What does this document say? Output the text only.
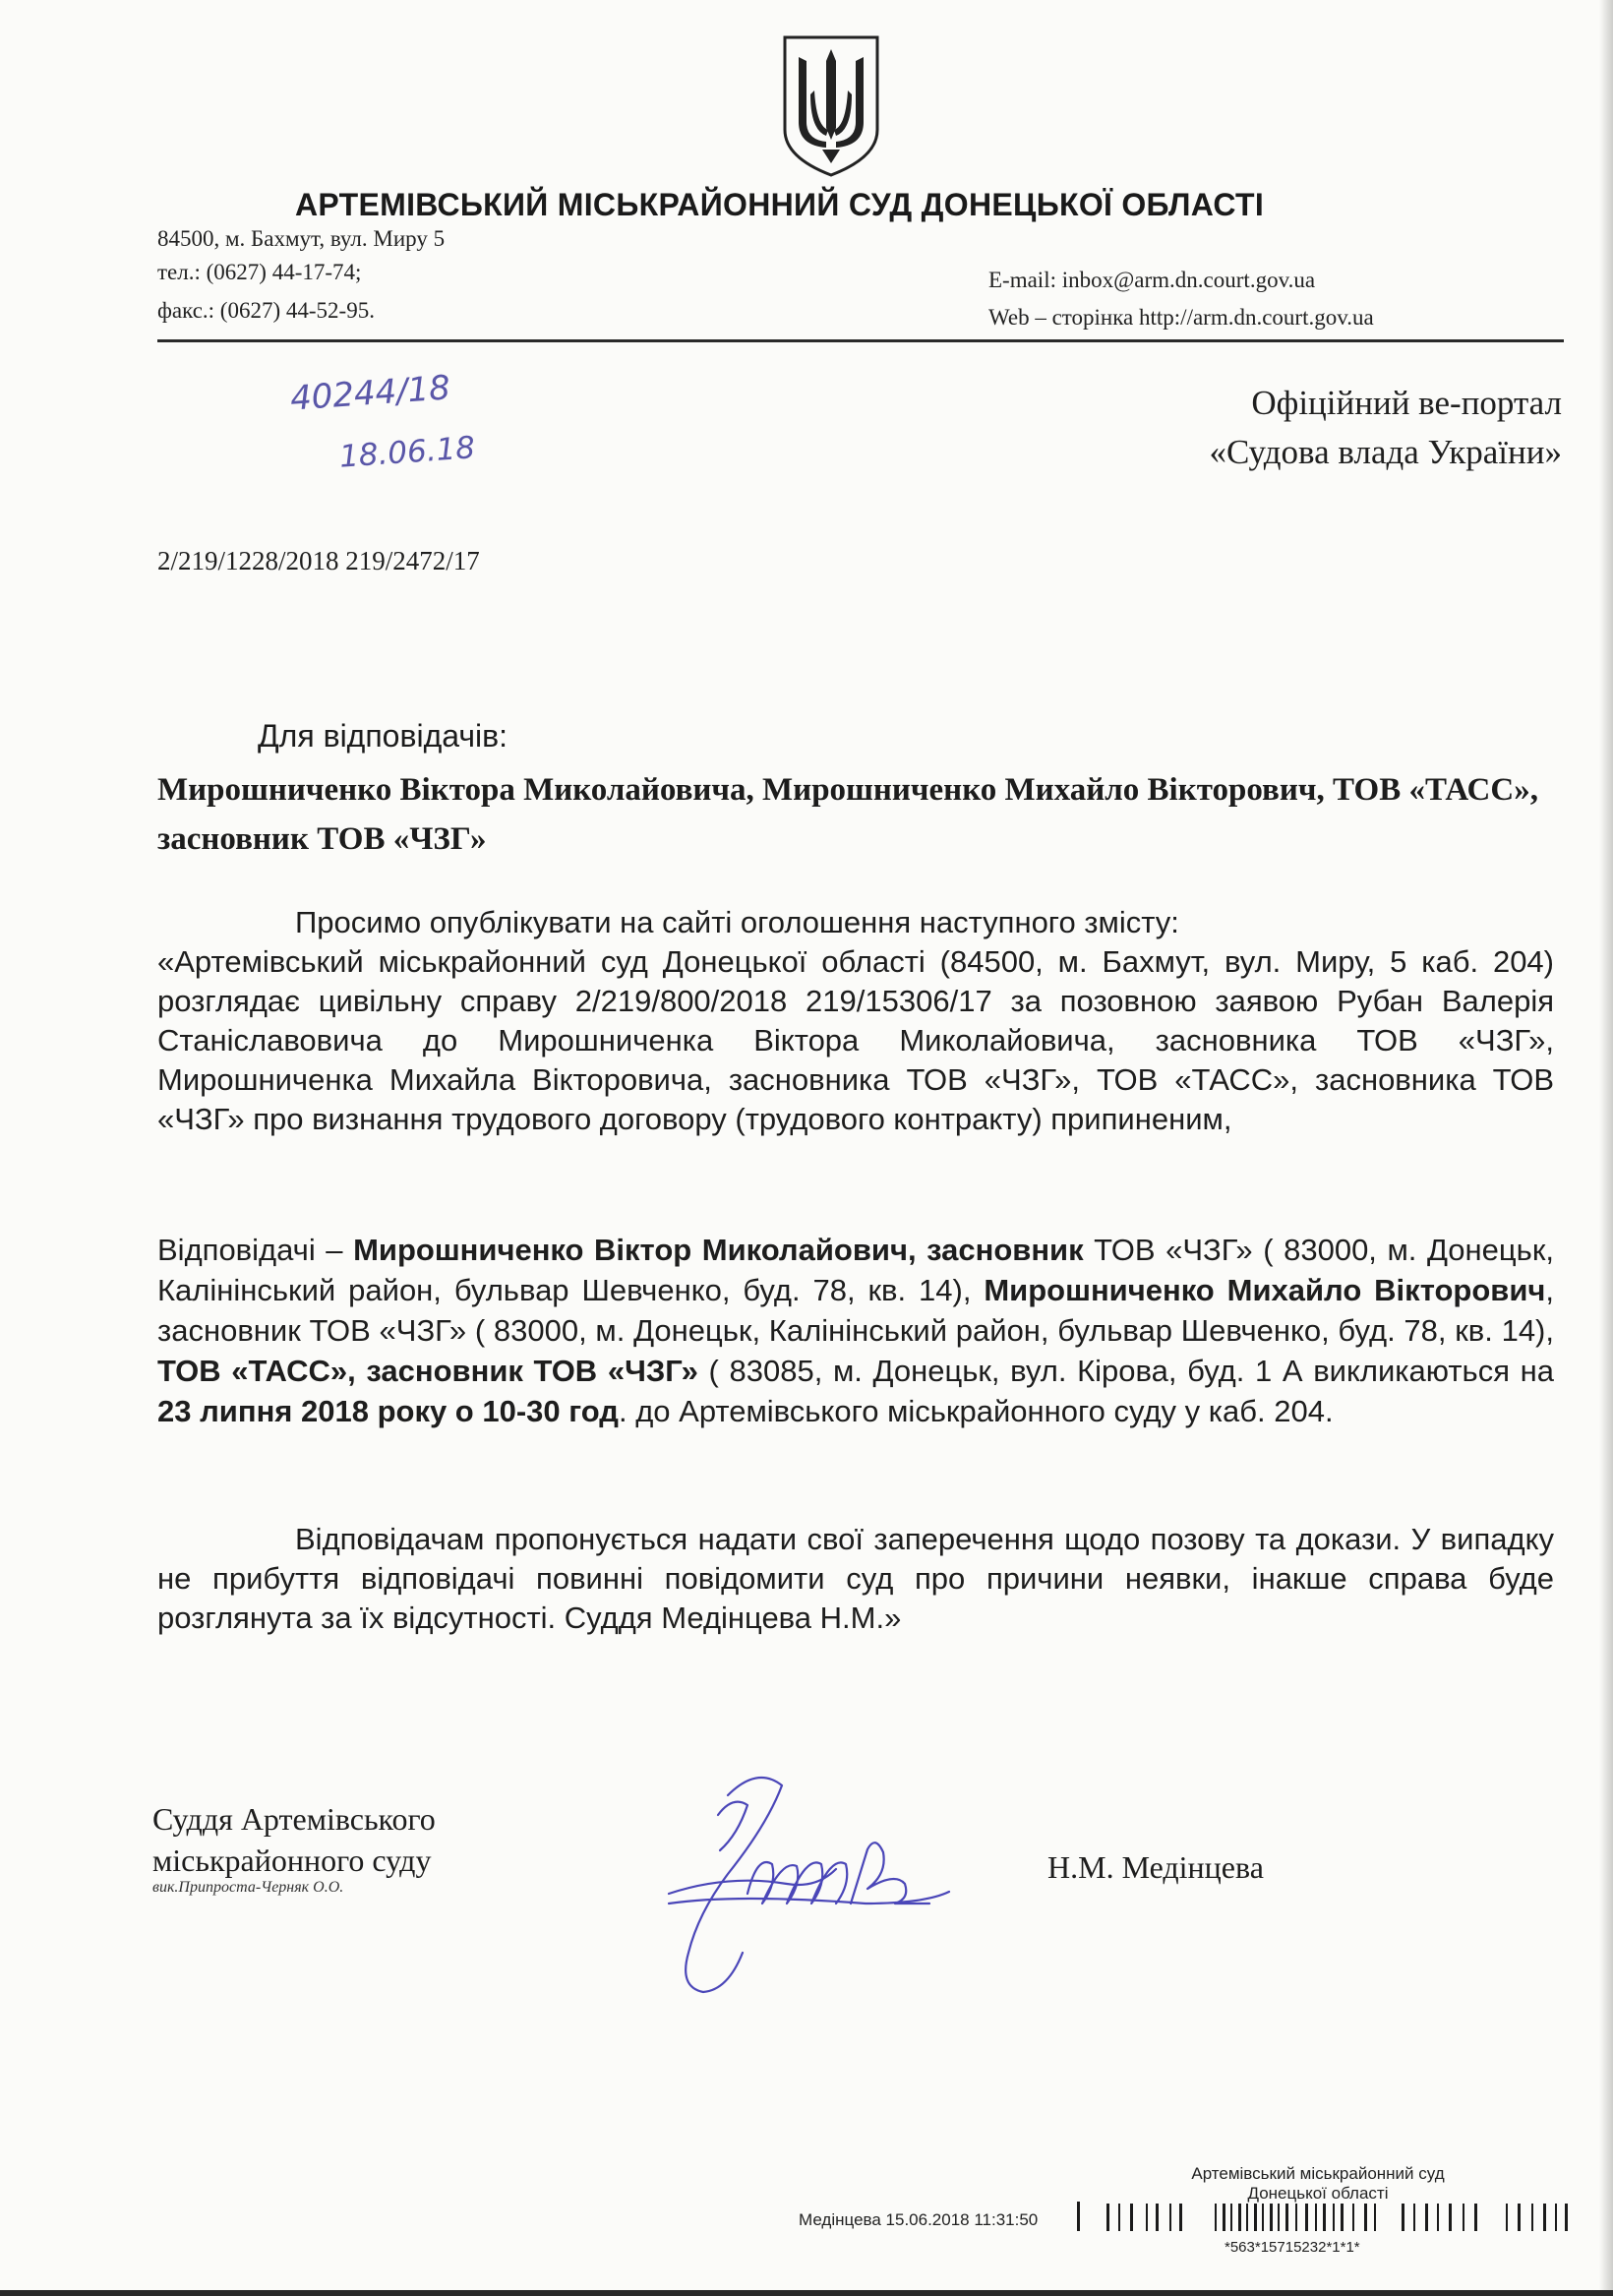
АРТЕМІВСЬКИЙ МІСЬКРАЙОННИЙ СУД ДОНЕЦЬКОЇ ОБЛАСТІ
84500, м. Бахмут, вул. Миру 5
тел.: (0627) 44-17-74;
факс.: (0627) 44-52-95.
E-mail: inbox@arm.dn.court.gov.ua
Web – сторінка http://arm.dn.court.gov.ua
40244/18
18.06.18
Офіційний ве-портал
«Судова влада України»
2/219/1228/2018 219/2472/17
Для відповідачів:
Мирошниченко Віктора Миколайовича, Мирошниченко Михайло Вікторович, ТОВ «ТАСС», засновник ТОВ «ЧЗГ»
Просимо опублікувати на сайті оголошення наступного змісту:
«Артемівський міськрайонний суд Донецької області (84500, м. Бахмут, вул. Миру, 5 каб. 204) розглядає цивільну справу 2/219/800/2018 219/15306/17 за позовною заявою Рубан Валерія Станіславовича до Мирошниченка Віктора Миколайовича, засновника ТОВ «ЧЗГ», Мирошниченка Михайла Вікторовича, засновника ТОВ «ЧЗГ», ТОВ «ТАСС», засновника ТОВ «ЧЗГ» про визнання трудового договору (трудового контракту) припиненим,
Відповідачі – Мирошниченко Віктор Миколайович, засновник ТОВ «ЧЗГ» ( 83000, м. Донецьк, Калінінський район, бульвар Шевченко, буд. 78, кв. 14), Мирошниченко Михайло Вікторович, засновник ТОВ «ЧЗГ» ( 83000, м. Донецьк, Калінінський район, бульвар Шевченко, буд. 78, кв. 14), ТОВ «ТАСС», засновник ТОВ «ЧЗГ» ( 83085, м. Донецьк, вул. Кірова, буд. 1 А викликаються на 23 липня 2018 року о 10-30 год. до Артемівського міськрайонного суду у каб. 204.
Відповідачам пропонується надати свої заперечення щодо позову та докази. У випадку не прибуття відповідачі повинні повідомити суд про причини неявки, інакше справа буде розглянута за їх відсутності. Суддя Медінцева Н.М.»
Суддя Артемівського
міськрайонного суду
вик.Припроста-Черняк О.О.
Н.М. Медінцева
Артемівський міськрайонний суд
Донецької області
Медінцева 15.06.2018 11:31:50
*563*15715232*1*1*
